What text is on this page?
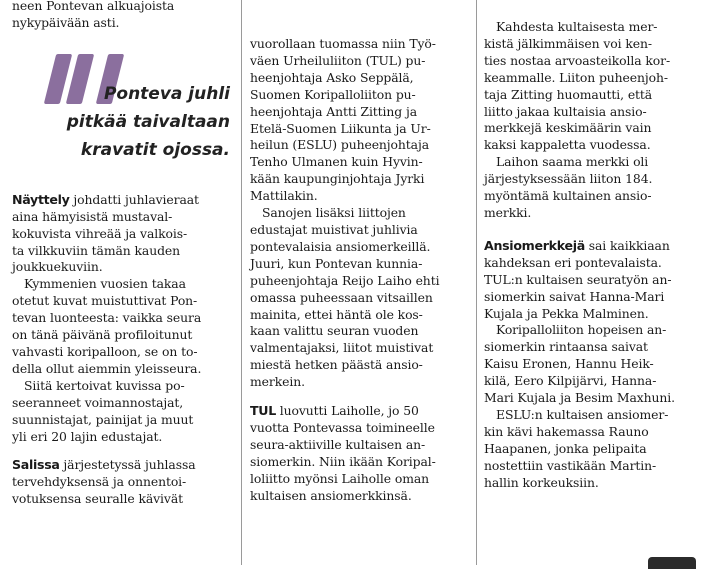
neen Pontevan alkuajoista
nykypäivään asti.

Ponteva juhli
pitkää taivaltaan
kravatit ojossa.

Näyttely johdatti juhlavieraat
aina hämyisistä mustaval-
kokuvista vihreää ja valkois-
ta vilkkuviin tämän kauden
joukkuekuviin.

Kymmenien vuosien takaa
otetut kuvat muistuttivat Pon-
tevan luonteesta: vaikka seura
on tänä päivänä profiloitunut
vahvasti koripalloon, se on to-
della ollut aiemmin yleisseura.

Siitä kertoivat kuvissa po-
seeranneet voimannostajat,
suunnistajat, painijat ja muut
yli eri 20 lajin edustajat.

Salissa järjestetyssä juhlassa
tervehdyksensä ja onnentoi-
votuksensa seuralle kävivät

vuorollaan tuomassa niin Työ-
väen Urheiluliiton (TUL) pu-
heenjohtaja Asko Seppälä,
Suomen Koripalloliiton pu-
heenjohtaja Antti Zitting ja
Etelä-Suomen Liikunta ja Ur-
heilun (ESLU) puheenjohtaja
Tenho Ulmanen kuin Hyvin-
kään kaupunginjohtaja Jyrki
Mattilakin.

Sanojen lisäksi liittojen
edustajat muistivat juhlivia
pontevalaisia ansiomerkeillä.
Juuri, kun Pontevan kunnia-
puheenjohtaja Reijo Laiho ehti
omassa puheessaan vitsaillen
mainita, ettei häntä ole kos-
kaan valittu seuran vuoden
valmentajaksi, liitot muistivat
miestä hetken päästä ansio-
merkein.

TUL luovutti Laiholle, jo 50
vuotta Pontevassa toimineelle
seura-aktiiville kultaisen an-
siomerkin. Niin ikään Koripal-
loliitto myönsi Laiholle oman
kultaisen ansiomerkkinsä.

Kahdesta kultaisesta mer-
kistä jälkimmäisen voi ken-
ties nostaa arvoasteikolla kor-
keammalle. Liiton puheenjoh-
taja Zitting huomautti, että
liitto jakaa kultaisia ansio-
merkkejä keskimäärin vain
kaksi kappaletta vuodessa.

Laihon saama merkki oli
järjestyksessään liiton 184.
myöntämä kultainen ansio-
merkki.

Ansiomerkkejä sai kaikkiaan
kahdeksan eri pontevalaista.
TUL:n kultaisen seuratyön an-
siomerkin saivat Hanna-Mari
Kujala ja Pekka Malminen.

Koripalloliiton hopeisen an-
siomerkin rintaansa saivat
Kaisu Eronen, Hannu Heik-
kilä, Eero Kilpijärvi, Hanna-
Mari Kujala ja Besim Maxhuni.

ESLU:n kultaisen ansiomer-
kin kävi hakemassa Rauno
Haapanen, jonka pelipaita
nostettiin vastikään Martin-
hallin korkeuksiin.
